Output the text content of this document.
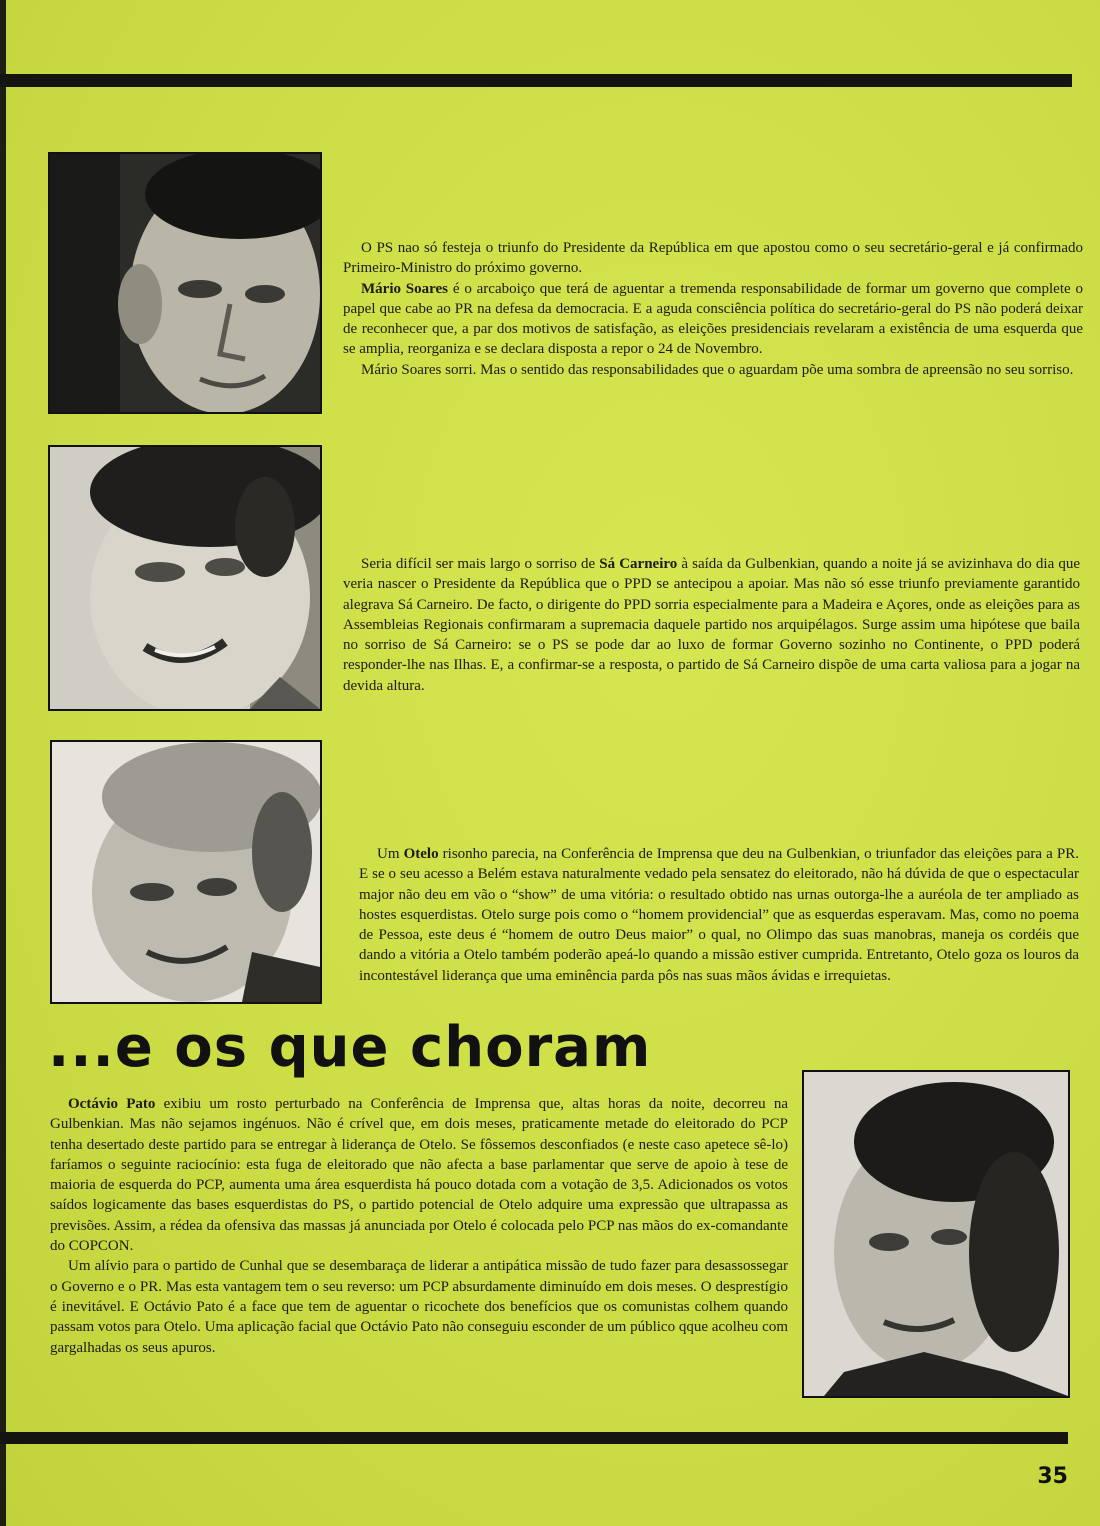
O PS nao só festeja o triunfo do Presidente da República em que apostou como o seu secretário-geral e já confirmado Primeiro-Ministro do próximo governo.

Mário Soares é o arcaboiço que terá de aguentar a tremenda responsabilidade de formar um governo que complete o papel que cabe ao PR na defesa da democracia. E a aguda consciência política do secretário-geral do PS não poderá deixar de reconhecer que, a par dos motivos de satisfação, as eleições presidenciais revelaram a existência de uma esquerda que se amplia, reorganiza e se declara disposta a repor o 24 de Novembro.

Mário Soares sorri. Mas o sentido das responsabilidades que o aguardam põe uma sombra de apreensão no seu sorriso.

Seria difícil ser mais largo o sorriso de Sá Carneiro à saída da Gulbenkian, quando a noite já se avizinhava do dia que veria nascer o Presidente da República que o PPD se antecipou a apoiar. Mas não só esse triunfo previamente garantido alegrava Sá Carneiro. De facto, o dirigente do PPD sorria especialmente para a Madeira e Açores, onde as eleições para as Assembleias Regionais confirmaram a supremacia daquele partido nos arquipélagos. Surge assim uma hipótese que baila no sorriso de Sá Carneiro: se o PS se pode dar ao luxo de formar Governo sozinho no Continente, o PPD poderá responder-lhe nas Ilhas. E, a confirmar-se a resposta, o partido de Sá Carneiro dispõe de uma carta valiosa para a jogar na devida altura.

Um Otelo risonho parecia, na Conferência de Imprensa que deu na Gulbenkian, o triunfador das eleições para a PR. E se o seu acesso a Belém estava naturalmente vedado pela sensatez do eleitorado, não há dúvida de que o espectacular major não deu em vão o “show” de uma vitória: o resultado obtido nas urnas outorga-lhe a auréola de ter ampliado as hostes esquerdistas. Otelo surge pois como o “homem providencial” que as esquerdas esperavam. Mas, como no poema de Pessoa, este deus é “homem de outro Deus maior” o qual, no Olimpo das suas manobras, maneja os cordéis que dando a vitória a Otelo também poderão apeá-lo quando a missão estiver cumprida. Entretanto, Otelo goza os louros da incontestável liderança que uma eminência parda pôs nas suas mãos ávidas e irrequietas.

...e os que choram

Octávio Pato exibiu um rosto perturbado na Conferência de Imprensa que, altas horas da noite, decorreu na Gulbenkian. Mas não sejamos ingénuos. Não é crível que, em dois meses, praticamente metade do eleitorado do PCP tenha desertado deste partido para se entregar à liderança de Otelo. Se fôssemos desconfiados (e neste caso apetece sê-lo) faríamos o seguinte raciocínio: esta fuga de eleitorado que não afecta a base parlamentar que serve de apoio à tese de maioria de esquerda do PCP, aumenta uma área esquerdista há pouco dotada com a votação de 3,5. Adicionados os votos saídos logicamente das bases esquerdistas do PS, o partido potencial de Otelo adquire uma expressão que ultrapassa as previsões. Assim, a rédea da ofensiva das massas já anunciada por Otelo é colocada pelo PCP nas mãos do ex-comandante do COPCON.

Um alívio para o partido de Cunhal que se desembaraça de liderar a antipática missão de tudo fazer para desassossegar o Governo e o PR. Mas esta vantagem tem o seu reverso: um PCP absurdamente diminuído em dois meses. O desprestígio é inevitável. E Octávio Pato é a face que tem de aguentar o ricochete dos benefícios que os comunistas colhem quando passam votos para Otelo. Uma aplicação facial que Octávio Pato não conseguiu esconder de um público qque acolheu com gargalhadas os seus apuros.

35
